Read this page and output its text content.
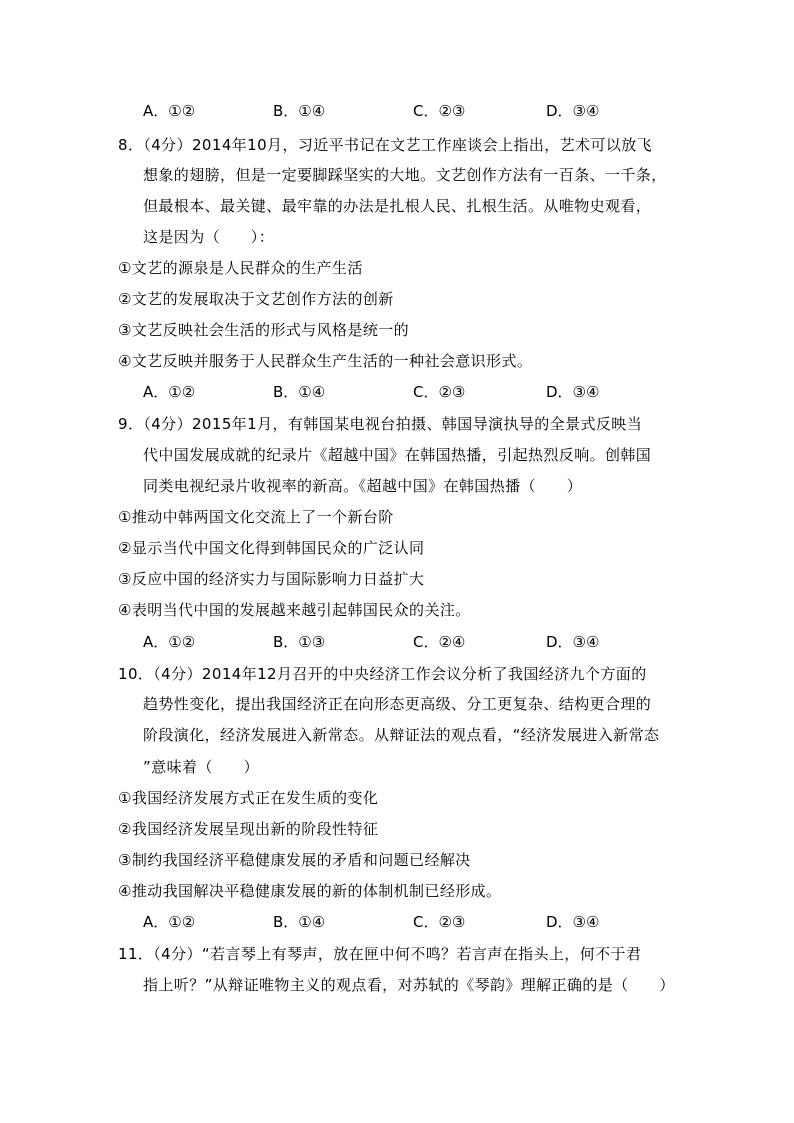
A．①②	B．①④	C．②③	D．③④
8．（4分）2014年10月，习近平书记在文艺工作座谈会上指出，艺术可以放飞
想象的翅膀，但是一定要脚踩坚实的大地。文艺创作方法有一百条、一千条，
但最根本、最关键、最牢靠的办法是扎根人民、扎根生活。从唯物史观看，
这是因为（　　）：
①文艺的源泉是人民群众的生产生活
②文艺的发展取决于文艺创作方法的创新
③文艺反映社会生活的形式与风格是统一的
④文艺反映并服务于人民群众生产生活的一种社会意识形式。
A．①②	B．①④	C．②③	D．③④
9．（4分）2015年1月，有韩国某电视台拍摄、韩国导演执导的全景式反映当
代中国发展成就的纪录片《超越中国》在韩国热播，引起热烈反响。创韩国
同类电视纪录片收视率的新高。《超越中国》在韩国热播（　　）
①推动中韩两国文化交流上了一个新台阶
②显示当代中国文化得到韩国民众的广泛认同
③反应中国的经济实力与国际影响力日益扩大
④表明当代中国的发展越来越引起韩国民众的关注。
A．①②	B．①③	C．②④	D．③④
10．（4分）2014年12月召开的中央经济工作会议分析了我国经济九个方面的
趋势性变化，提出我国经济正在向形态更高级、分工更复杂、结构更合理的
阶段演化，经济发展进入新常态。从辩证法的观点看，“经济发展进入新常态
”意味着（　　）
①我国经济发展方式正在发生质的变化
②我国经济发展呈现出新的阶段性特征
③制约我国经济平稳健康发展的矛盾和问题已经解决
④推动我国解决平稳健康发展的新的体制机制已经形成。
A．①②	B．①④	C．②③	D．③④
11．（4分）“若言琴上有琴声，放在匣中何不鸣？若言声在指头上，何不于君
指上听？”从辩证唯物主义的观点看，对苏轼的《琴韵》理解正确的是（　　）
